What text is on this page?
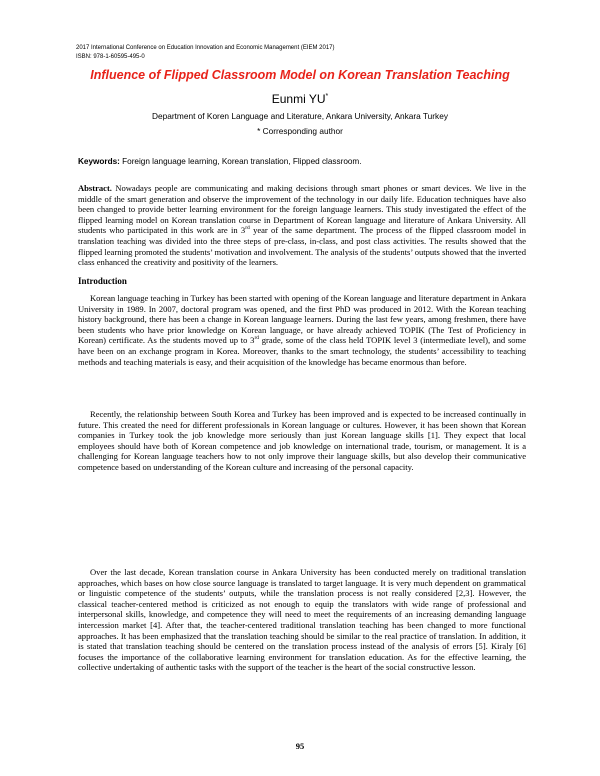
2017 International Conference on Education Innovation and Economic Management (EIEM 2017)
ISBN: 978-1-60595-495-0
Influence of Flipped Classroom Model on Korean Translation Teaching
Eunmi YU*
Department of Koren Language and Literature, Ankara University, Ankara Turkey
* Corresponding author
Keywords: Foreign language learning, Korean translation, Flipped classroom.
Abstract. Nowadays people are communicating and making decisions through smart phones or smart devices. We live in the middle of the smart generation and observe the improvement of the technology in our daily life. Education techniques have also been changed to provide better learning environment for the foreign language learners. This study investigated the effect of the flipped learning model on Korean translation course in Department of Korean language and literature of Ankara University. All students who participated in this work are in 3rd year of the same department. The process of the flipped classroom model in translation teaching was divided into the three steps of pre-class, in-class, and post class activities. The results showed that the flipped learning promoted the students’ motivation and involvement. The analysis of the students’ outputs showed that the inverted class enhanced the creativity and positivity of the learners.
Introduction
Korean language teaching in Turkey has been started with opening of the Korean language and literature department in Ankara University in 1989. In 2007, doctoral program was opened, and the first PhD was produced in 2012. With the Korean teaching history background, there has been a change in Korean language learners. During the last few years, among freshmen, there have been students who have prior knowledge on Korean language, or have already achieved TOPIK (The Test of Proficiency in Korean) certificate. As the students moved up to 3rd grade, some of the class held TOPIK level 3 (intermediate level), and some have been on an exchange program in Korea. Moreover, thanks to the smart technology, the students’ accessibility to teaching methods and teaching materials is easy, and their acquisition of the knowledge has became enormous than before.
Recently, the relationship between South Korea and Turkey has been improved and is expected to be increased continually in future. This created the need for different professionals in Korean language or cultures. However, it has been shown that Korean companies in Turkey took the job knowledge more seriously than just Korean language skills [1]. They expect that local employees should have both of Korean competence and job knowledge on international trade, tourism, or management. It is a challenging for Korean language teachers how to not only improve their language skills, but also develop their communicative competence based on understanding of the Korean culture and increasing of the personal capacity.
Over the last decade, Korean translation course in Ankara University has been conducted merely on traditional translation approaches, which bases on how close source language is translated to target language. It is very much dependent on grammatical or linguistic competence of the students’ outputs, while the translation process is not really considered [2,3]. However, the classical teacher-centered method is criticized as not enough to equip the translators with wide range of professional and interpersonal skills, knowledge, and competence they will need to meet the requirements of an increasing demanding language intercession market [4]. After that, the teacher-centered traditional translation teaching has been changed to more functional approaches. It has been emphasized that the translation teaching should be similar to the real practice of translation. In addition, it is stated that translation teaching should be centered on the translation process instead of the analysis of errors [5]. Kiraly [6] focuses the importance of the collaborative learning environment for translation education. As for the effective learning, the collective undertaking of authentic tasks with the support of the teacher is the heart of the social constructive lesson.
95
